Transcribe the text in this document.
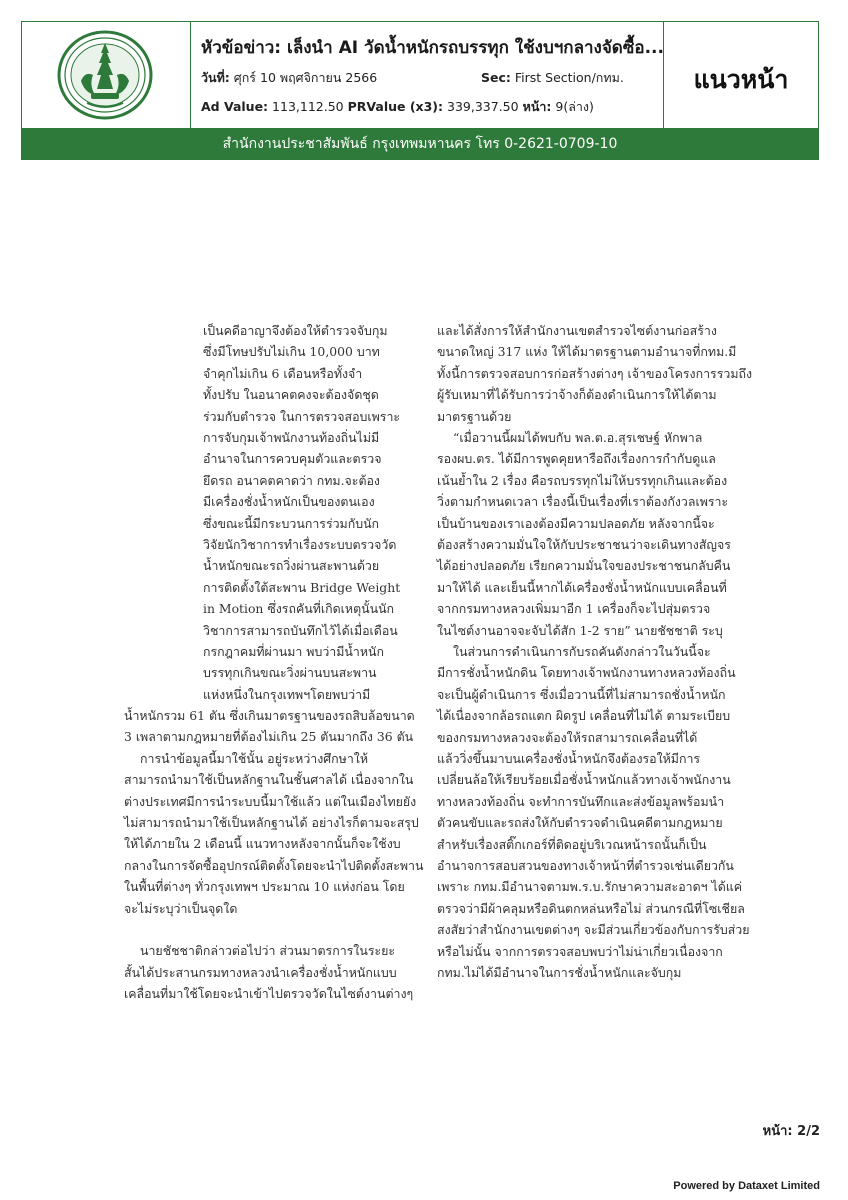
หัวข้อข่าว: เล็งนำ AI วัดน้ำหนักรถบรรทุก ใช้งบฯกลางจัดซื้อ...
วันที่: ศุกร์ 10 พฤศจิกายน 2566	Sec: First Section/กทม.
Ad Value: 113,112.50 PRValue (x3): 339,337.50 หน้า: 9(ล่าง)
แนวหน้า
สำนักงานประชาสัมพันธ์ กรุงเทพมหานคร โทร 0-2621-0709-10
เป็นคดีอาญาจึงต้องให้ตำรวจจับกุม
ซึ่งมีโทษปรับไม่เกิน 10,000 บาท
จำคุกไม่เกิน 6 เดือนหรือทั้งจำ
ทั้งปรับ ในอนาคตคงจะต้องจัดชุด
ร่วมกับตำรวจ ในการตรวจสอบเพราะ
การจับกุมเจ้าพนักงานท้องถิ่นไม่มี
อำนาจในการควบคุมตัวและตรวจ
ยึดรถ อนาคตคาดว่า กทม.จะต้อง
มีเครื่องชั่งน้ำหนักเป็นของตนเอง
ซึ่งขณะนี้มีกระบวนการร่วมกับนัก
วิจัยนักวิชาการทำเรื่องระบบตรวจวัด
น้ำหนักขณะรถวิ่งผ่านสะพานด้วย
การติดตั้งใต้สะพาน Bridge Weight
in Motion ซึ่งรถคันที่เกิดเหตุนั้นนัก
วิชาการสามารถบันทึกไว้ได้เมื่อเดือน
กรกฎาคมที่ผ่านมา พบว่ามีน้ำหนัก
บรรทุกเกินขณะวิ่งผ่านบนสะพาน
แห่งหนึ่งในกรุงเทพฯโดยพบว่ามี
น้ำหนักรวม 61 ตัน ซึ่งเกินมาตรฐานของรถสิบล้อขนาด
3 เพลาตามกฎหมายที่ต้องไม่เกิน 25 ตันมากถึง 36 ตัน
การนำข้อมูลนี้มาใช้นั้น อยู่ระหว่างศึกษาให้
สามารถนำมาใช้เป็นหลักฐานในชั้นศาลได้ เนื่องจากใน
ต่างประเทศมีการนำระบบนี้มาใช้แล้ว แต่ในเมืองไทยยัง
ไม่สามารถนำมาใช้เป็นหลักฐานได้ อย่างไรก็ตามจะสรุป
ให้ได้ภายใน 2 เดือนนี้ แนวทางหลังจากนั้นก็จะใช้งบ
กลางในการจัดซื้ออุปกรณ์ติดตั้งโดยจะนำไปติดตั้งสะพาน
ในพื้นที่ต่างๆ ทั่วกรุงเทพฯ ประมาณ 10 แห่งก่อน โดย
จะไม่ระบุว่าเป็นจุดใด
นายชัชชาติกล่าวต่อไปว่า ส่วนมาตรการในระยะ
สั้นได้ประสานกรมทางหลวงนำเครื่องชั่งน้ำหนักแบบ
เคลื่อนที่มาใช้โดยจะนำเข้าไปตรวจวัดในไซต์งานต่างๆ
และได้สั่งการให้สำนักงานเขตสำรวจไซต์งานก่อสร้าง
ขนาดใหญ่ 317 แห่ง ให้ได้มาตรฐานตามอำนาจที่กทม.มี
ทั้งนี้การตรวจสอบการก่อสร้างต่างๆ เจ้าของโครงการรวมถึง
ผู้รับเหมาที่ได้รับการว่าจ้างก็ต้องดำเนินการให้ได้ตาม
มาตรฐานด้วย
“เมื่อวานนี้ผมได้พบกับ พล.ต.อ.สุรเชษฐ์ หักพาล
รองผบ.ตร. ได้มีการพูดคุยหารือถึงเรื่องการกำกับดูแล
เน้นย้ำใน 2 เรื่อง คือรถบรรทุกไม่ให้บรรทุกเกินและต้อง
วิ่งตามกำหนดเวลา เรื่องนี้เป็นเรื่องที่เราต้องกังวลเพราะ
เป็นบ้านของเราเองต้องมีความปลอดภัย หลังจากนี้จะ
ต้องสร้างความมั่นใจให้กับประชาชนว่าจะเดินทางสัญจร
ได้อย่างปลอดภัย เรียกความมั่นใจของประชาชนกลับคืน
มาให้ได้ และเย็นนี้หากได้เครื่องชั่งน้ำหนักแบบเคลื่อนที่
จากกรมทางหลวงเพิ่มมาอีก 1 เครื่องก็จะไปสุ่มตรวจ
ในไซต์งานอาจจะจับได้สัก 1-2 ราย” นายชัชชาติ ระบุ
ในส่วนการดำเนินการกับรถคันดังกล่าวในวันนี้จะ
มีการชั่งน้ำหนักดิน โดยทางเจ้าพนักงานทางหลวงท้องถิ่น
จะเป็นผู้ดำเนินการ ซึ่งเมื่อวานนี้ที่ไม่สามารถชั่งน้ำหนัก
ได้เนื่องจากล้อรถแตก ผิดรูป เคลื่อนที่ไม่ได้ ตามระเบียบ
ของกรมทางหลวงจะต้องให้รถสามารถเคลื่อนที่ได้
แล้ววิ่งขึ้นมาบนเครื่องชั่งน้ำหนักจึงต้องรอให้มีการ
เปลี่ยนล้อให้เรียบร้อยเมื่อชั่งน้ำหนักแล้วทางเจ้าพนักงาน
ทางหลวงท้องถิ่น จะทำการบันทึกและส่งข้อมูลพร้อมนำ
ตัวคนขับและรถส่งให้กับตำรวจดำเนินคดีตามกฎหมาย
สำหรับเรื่องสติ๊กเกอร์ที่ติดอยู่บริเวณหน้ารถนั้นก็เป็น
อำนาจการสอบสวนของทางเจ้าหน้าที่ตำรวจเช่นเดียวกัน
เพราะ กทม.มีอำนาจตามพ.ร.บ.รักษาความสะอาดฯ ได้แค่
ตรวจว่ามีผ้าคลุมหรือดินตกหล่นหรือไม่ ส่วนกรณีที่โซเชียล
สงสัยว่าสำนักงานเขตต่างๆ จะมีส่วนเกี่ยวข้องกับการรับส่วย
หรือไม่นั้น จากการตรวจสอบพบว่าไม่น่าเกี่ยวเนื่องจาก
กทม.ไม่ได้มีอำนาจในการชั่งน้ำหนักและจับกุม
หน้า: 2/2
Powered by Dataxet Limited
